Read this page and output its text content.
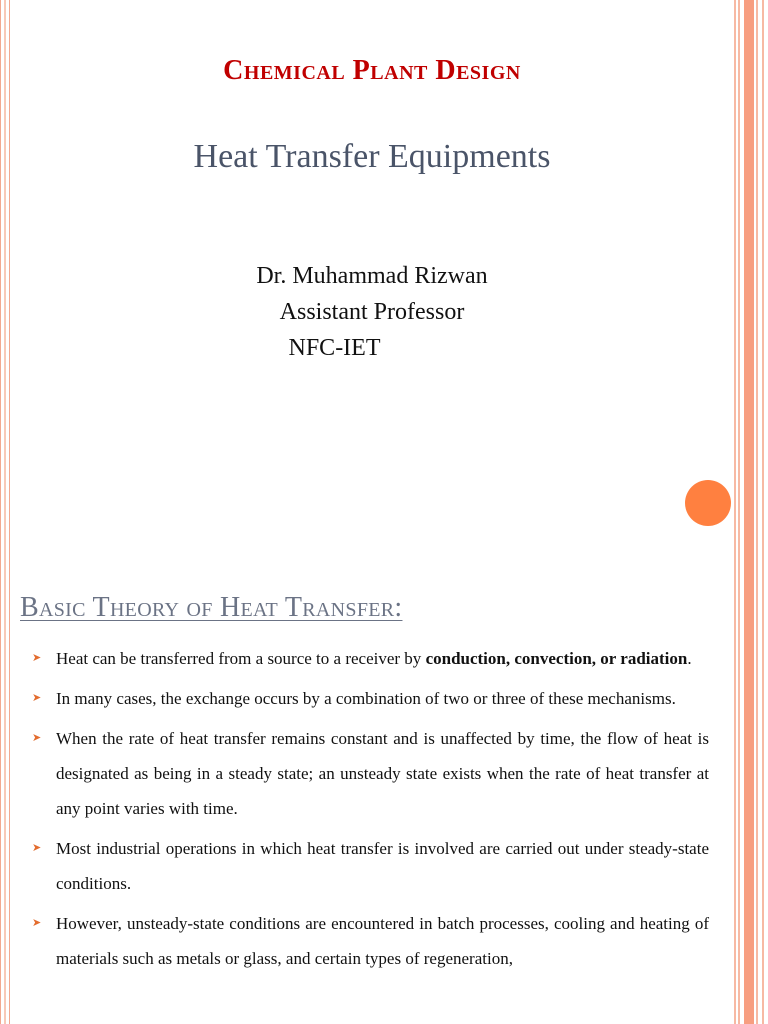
Chemical Plant Design
Heat Transfer Equipments
Dr. Muhammad Rizwan
Assistant Professor
NFC-IET
Basic Theory of Heat Transfer:
➤ Heat can be transferred from a source to a receiver by conduction, convection, or radiation.
➤ In many cases, the exchange occurs by a combination of two or three of these mechanisms.
➤ When the rate of heat transfer remains constant and is unaffected by time, the flow of heat is designated as being in a steady state; an unsteady state exists when the rate of heat transfer at any point varies with time.
➤ Most industrial operations in which heat transfer is involved are carried out under steady-state conditions.
➤ However, unsteady-state conditions are encountered in batch processes, cooling and heating of materials such as metals or glass, and certain types of regeneration,
